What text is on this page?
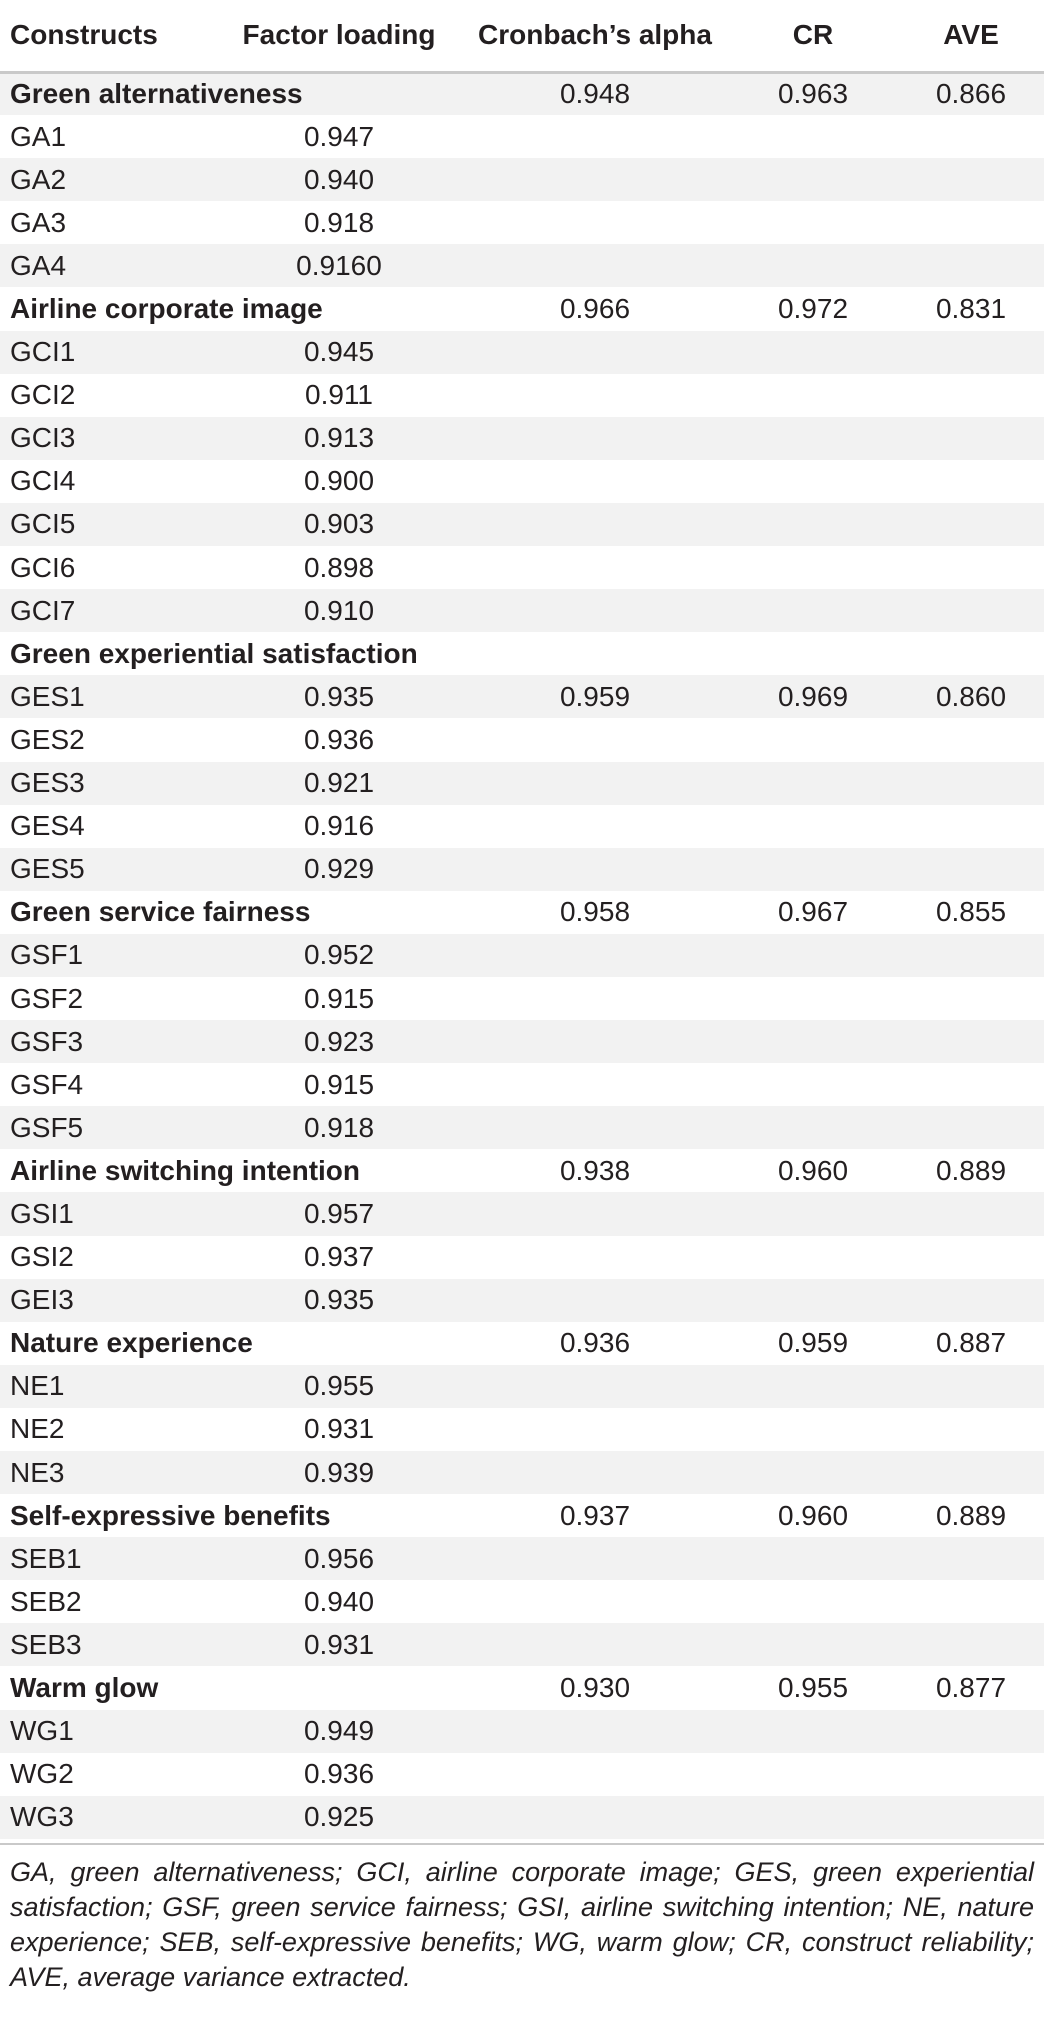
Constructs	Factor loading	Cronbach’s alpha	CR	AVE
Green alternativeness		0.948	0.963	0.866
GA1	0.947			
GA2	0.940			
GA3	0.918			
GA4	0.9160			
Airline corporate image		0.966	0.972	0.831
GCI1	0.945			
GCI2	0.911			
GCI3	0.913			
GCI4	0.900			
GCI5	0.903			
GCI6	0.898			
GCI7	0.910			
Green experiential satisfaction				
GES1	0.935	0.959	0.969	0.860
GES2	0.936			
GES3	0.921			
GES4	0.916			
GES5	0.929			
Green service fairness		0.958	0.967	0.855
GSF1	0.952			
GSF2	0.915			
GSF3	0.923			
GSF4	0.915			
GSF5	0.918			
Airline switching intention		0.938	0.960	0.889
GSI1	0.957			
GSI2	0.937			
GEI3	0.935			
Nature experience		0.936	0.959	0.887
NE1	0.955			
NE2	0.931			
NE3	0.939			
Self-expressive benefits		0.937	0.960	0.889
SEB1	0.956			
SEB2	0.940			
SEB3	0.931			
Warm glow		0.930	0.955	0.877
WG1	0.949			
WG2	0.936			
WG3	0.925			
GA, green alternativeness; GCI, airline corporate image; GES, green experiential satisfaction; GSF, green service fairness; GSI, airline switching intention; NE, nature experience; SEB, self-expressive benefits; WG, warm glow; CR, construct reliability; AVE, average variance extracted.
